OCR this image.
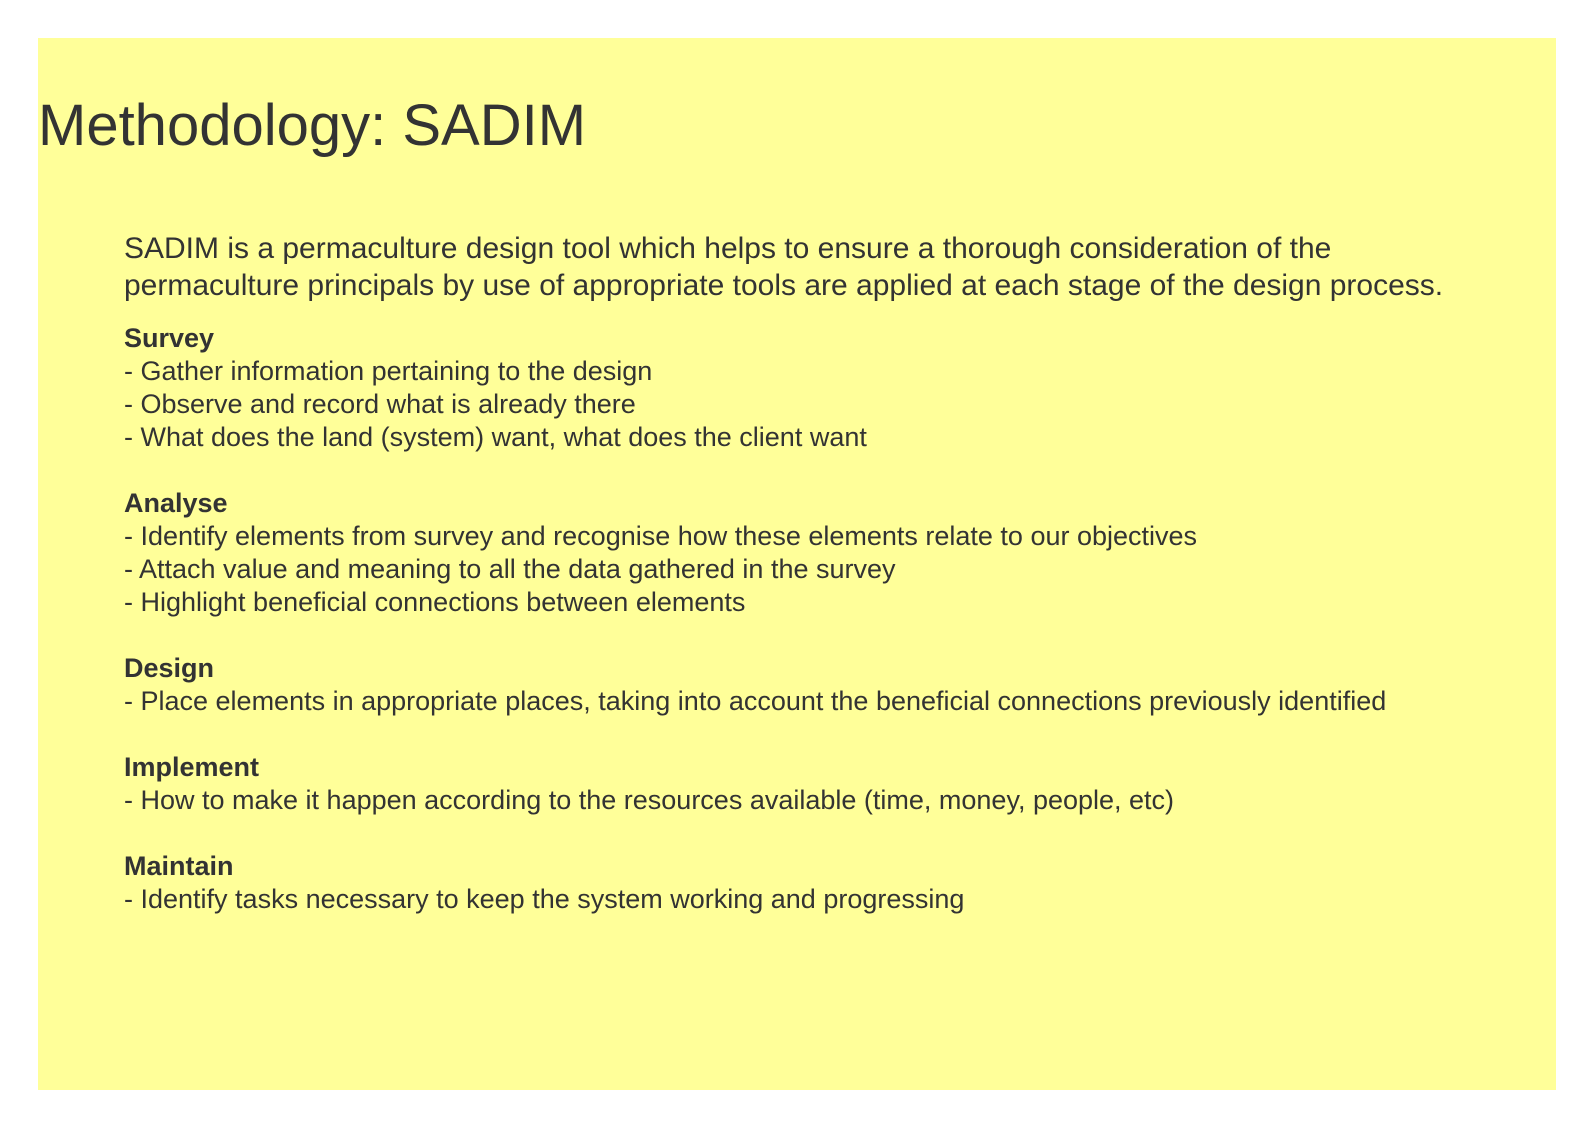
Methodology: SADIM

SADIM is a permaculture design tool which helps to ensure a thorough consideration of the permaculture principals by use of appropriate tools are applied at each stage of the design process.

Survey
- Gather information pertaining to the design
- Observe and record what is already there
- What does the land (system) want, what does the client want
Analyse
- Identify elements from survey and recognise how these elements relate to our objectives
- Attach value and meaning to all the data gathered in the survey
- Highlight beneficial connections between elements
Design
- Place elements in appropriate places, taking into account the beneficial connections previously identified
Implement
- How to make it happen according to the resources available (time, money, people, etc)
Maintain
- Identify tasks necessary to keep the system working and progressing
